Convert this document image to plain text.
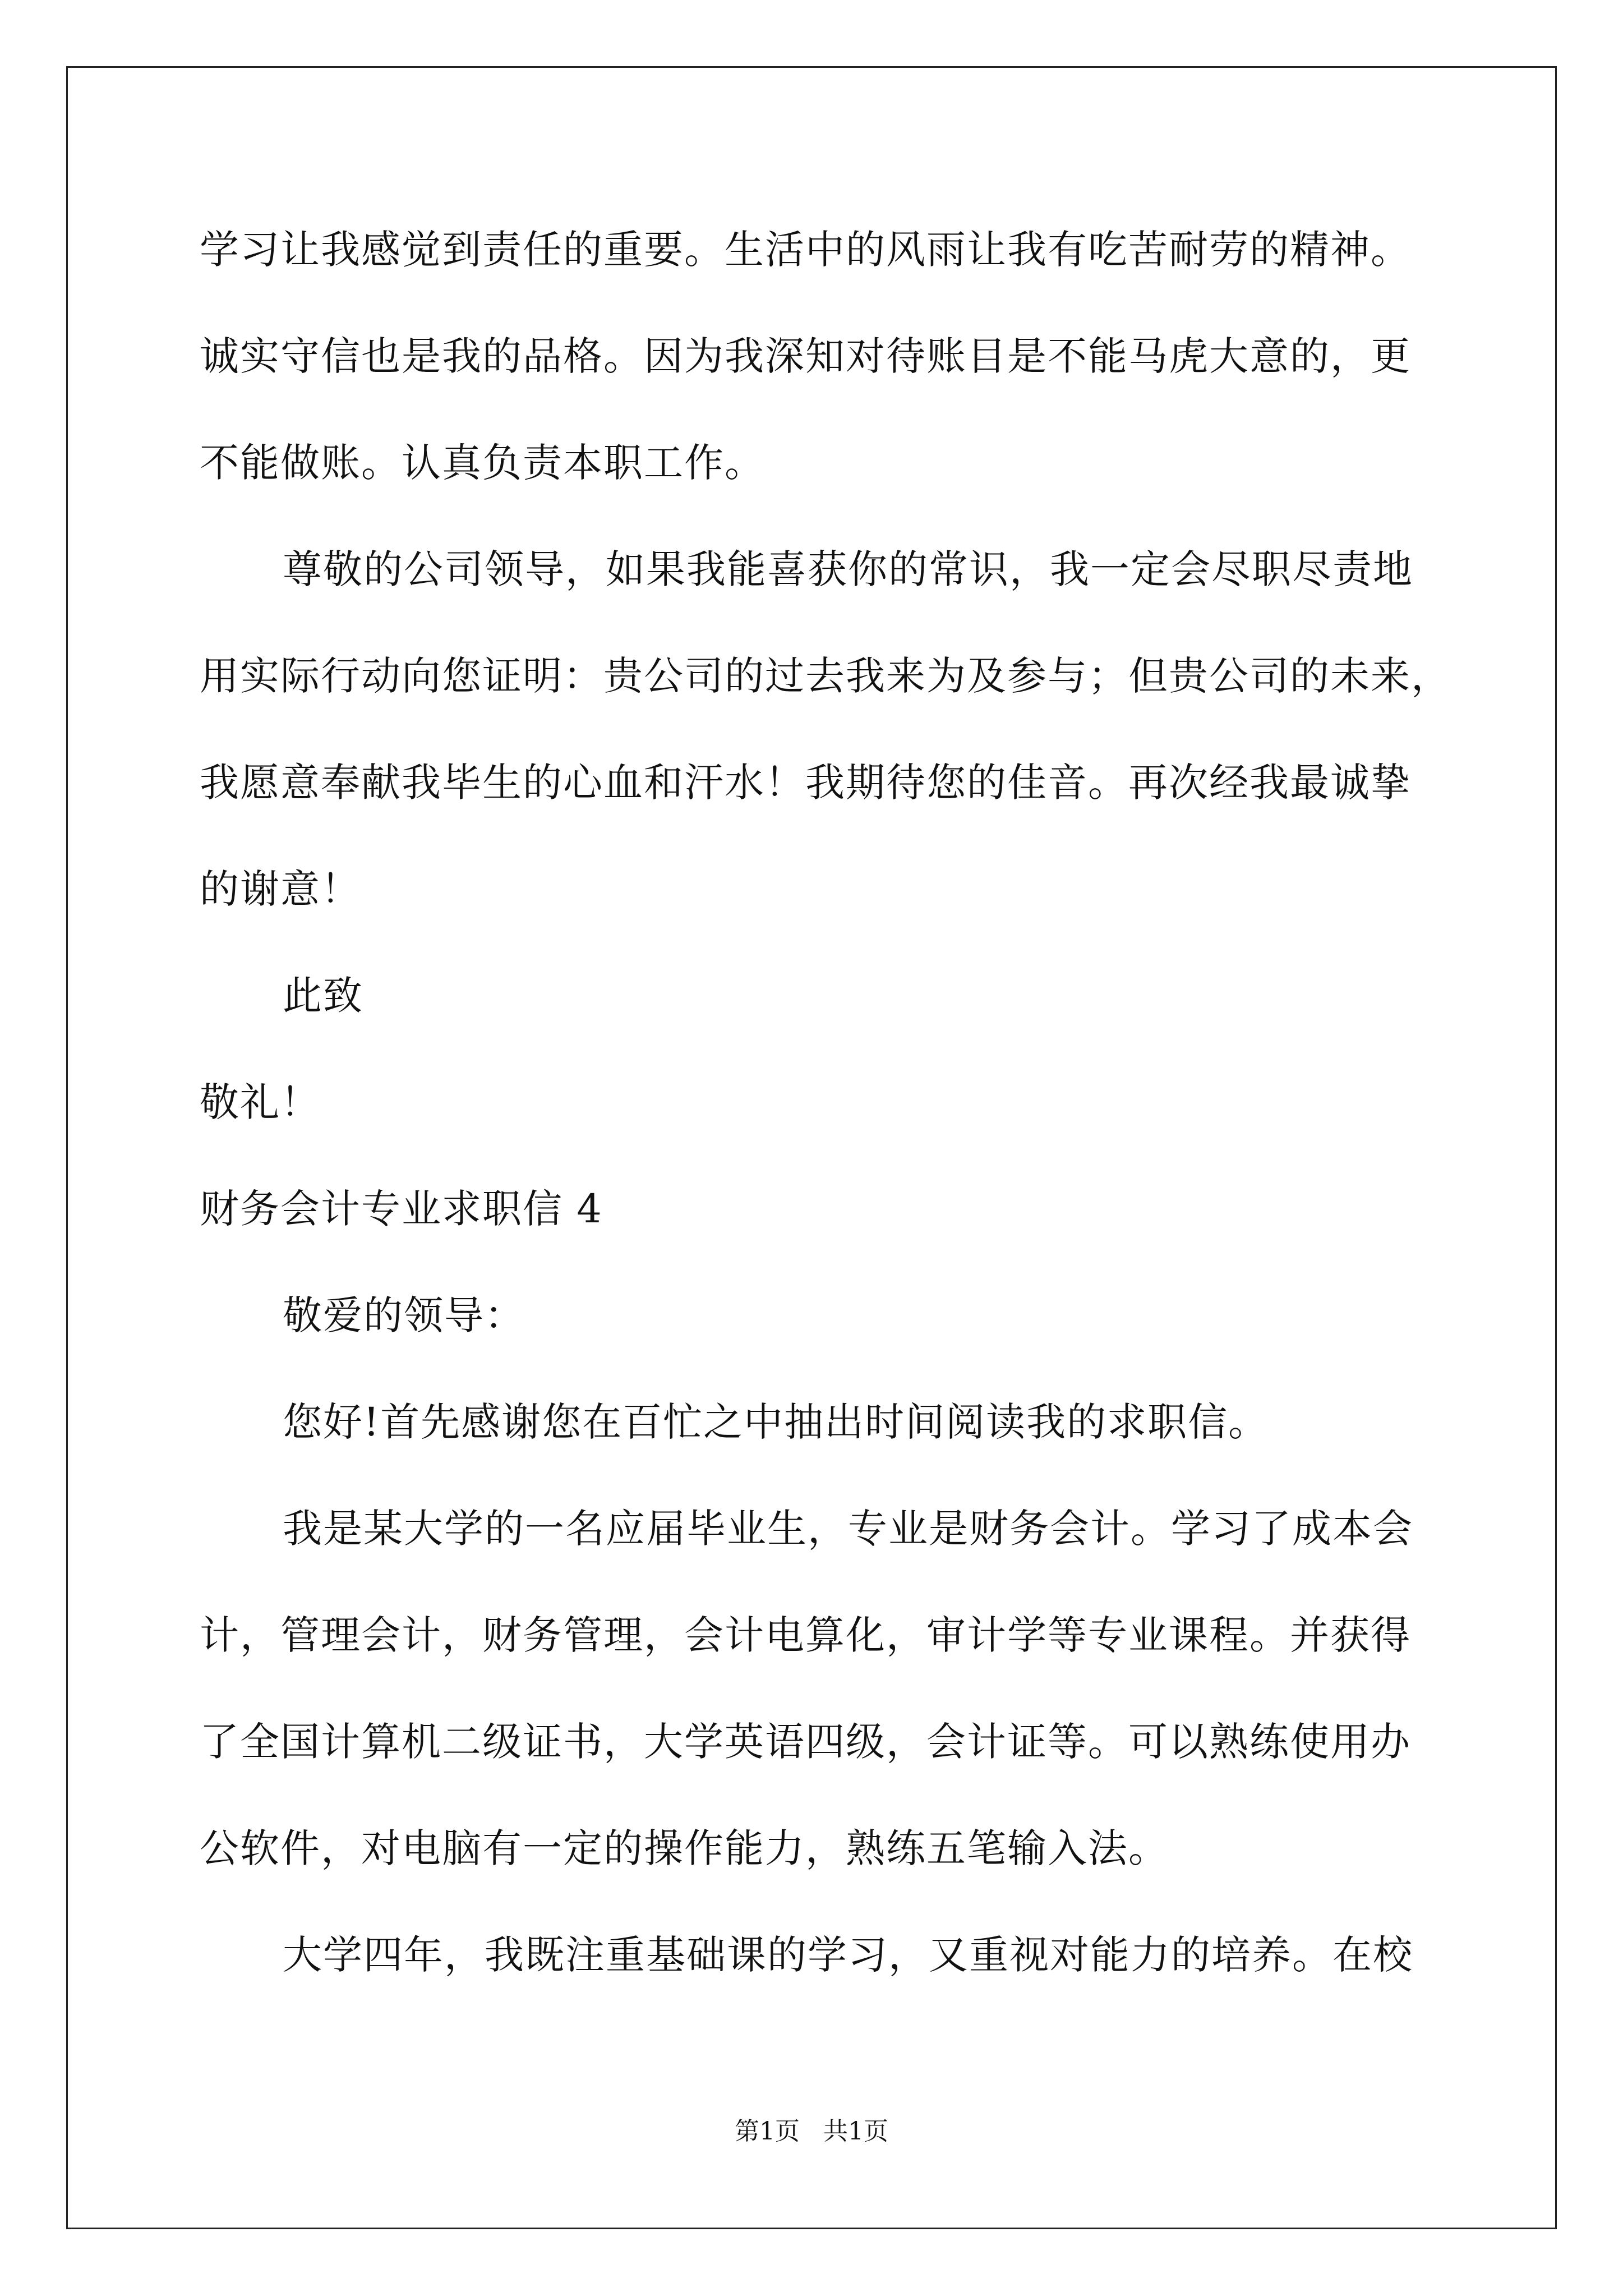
学习让我感觉到责任的重要。生活中的风雨让我有吃苦耐劳的精神。
诚实守信也是我的品格。因为我深知对待账目是不能马虎大意的，更
不能做账。认真负责本职工作。
尊敬的公司领导，如果我能喜获你的常识，我一定会尽职尽责地
用实际行动向您证明：贵公司的过去我来为及参与；但贵公司的未来，
我愿意奉献我毕生的心血和汗水！我期待您的佳音。再次经我最诚挚
的谢意！
此致
敬礼！
财务会计专业求职信 4
敬爱的领导：
您好!首先感谢您在百忙之中抽出时间阅读我的求职信。
我是某大学的一名应届毕业生，专业是财务会计。学习了成本会
计，管理会计，财务管理，会计电算化，审计学等专业课程。并获得
了全国计算机二级证书，大学英语四级，会计证等。可以熟练使用办
公软件，对电脑有一定的操作能力，熟练五笔输入法。
大学四年，我既注重基础课的学习，又重视对能力的培养。在校
第1页   共1页
